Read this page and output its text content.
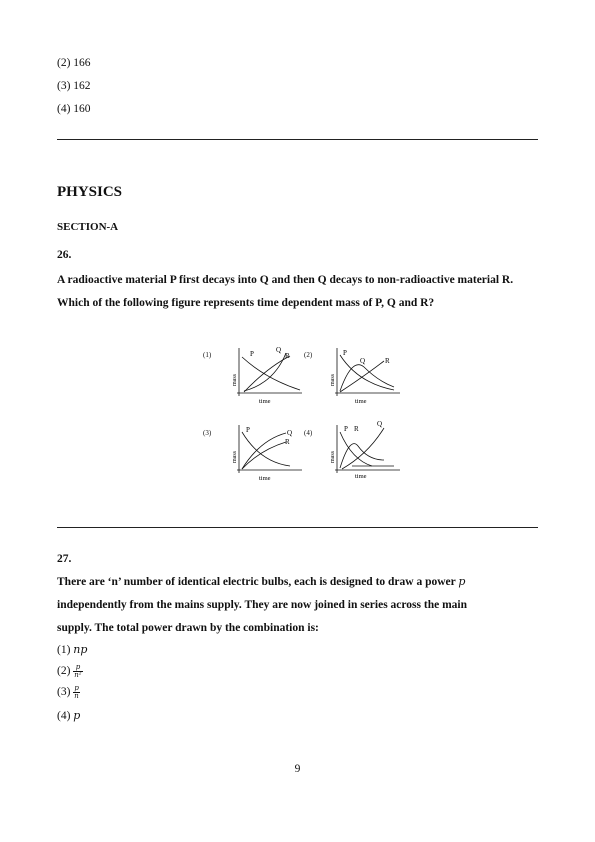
(2) 166
(3) 162
(4) 160
PHYSICS
SECTION-A
26.
A radioactive material P first decays into Q and then Q decays to non-radioactive material R. Which of the following figure represents time dependent mass of P, Q and R?
(1)	P	Q
R
mass
time
(2)	P
Q	R
mass
time
(3)	P	Q
R
mass
time
(4)	P R
Q
mass
time
27.
There are ‘n’ number of identical electric bulbs, each is designed to draw a power p
independently from the mains supply. They are now joined in series across the main
supply. The total power drawn by the combination is:
(1) np
$(2) \frac{p}{\text{n²}}$
$(3) \frac{p}{n}$
(4) p
9
